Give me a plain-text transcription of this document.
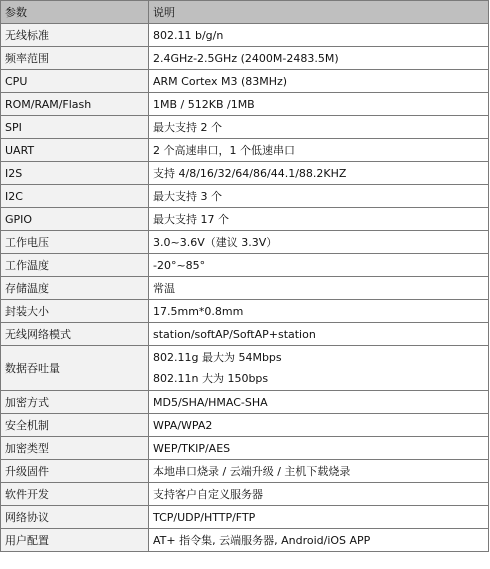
参数	说明
无线标准	802.11 b/g/n

频率范围	2.4GHz-2.5GHz (2400M-2483.5M)

CPU	ARM Cortex M3 (83MHz)

ROM/RAM/Flash	1MB / 512KB /1MB

SPI	最大支持 2 个

UART	2 个高速串口，1 个低速串口

I2S	支持 4/8/16/32/64/86/44.1/88.2KHZ

I2C	最大支持 3 个

GPIO	最大支持 17 个

工作电压	3.0~3.6V（建议 3.3V）

工作温度	-20°~85°

存储温度	常温

封装大小	17.5mm*0.8mm

无线网络模式	station/softAP/SoftAP+station

数据吞吐量	802.11g 最大为 54Mbps
802.11n 大为 150bps

加密方式	MD5/SHA/HMAC-SHA

安全机制	WPA/WPA2

加密类型	WEP/TKIP/AES

升级固件	本地串口烧录 / 云端升级 / 主机下载烧录

软件开发	支持客户自定义服务器

网络协议	TCP/UDP/HTTP/FTP

用户配置	AT+ 指令集, 云端服务器, Android/iOS APP
